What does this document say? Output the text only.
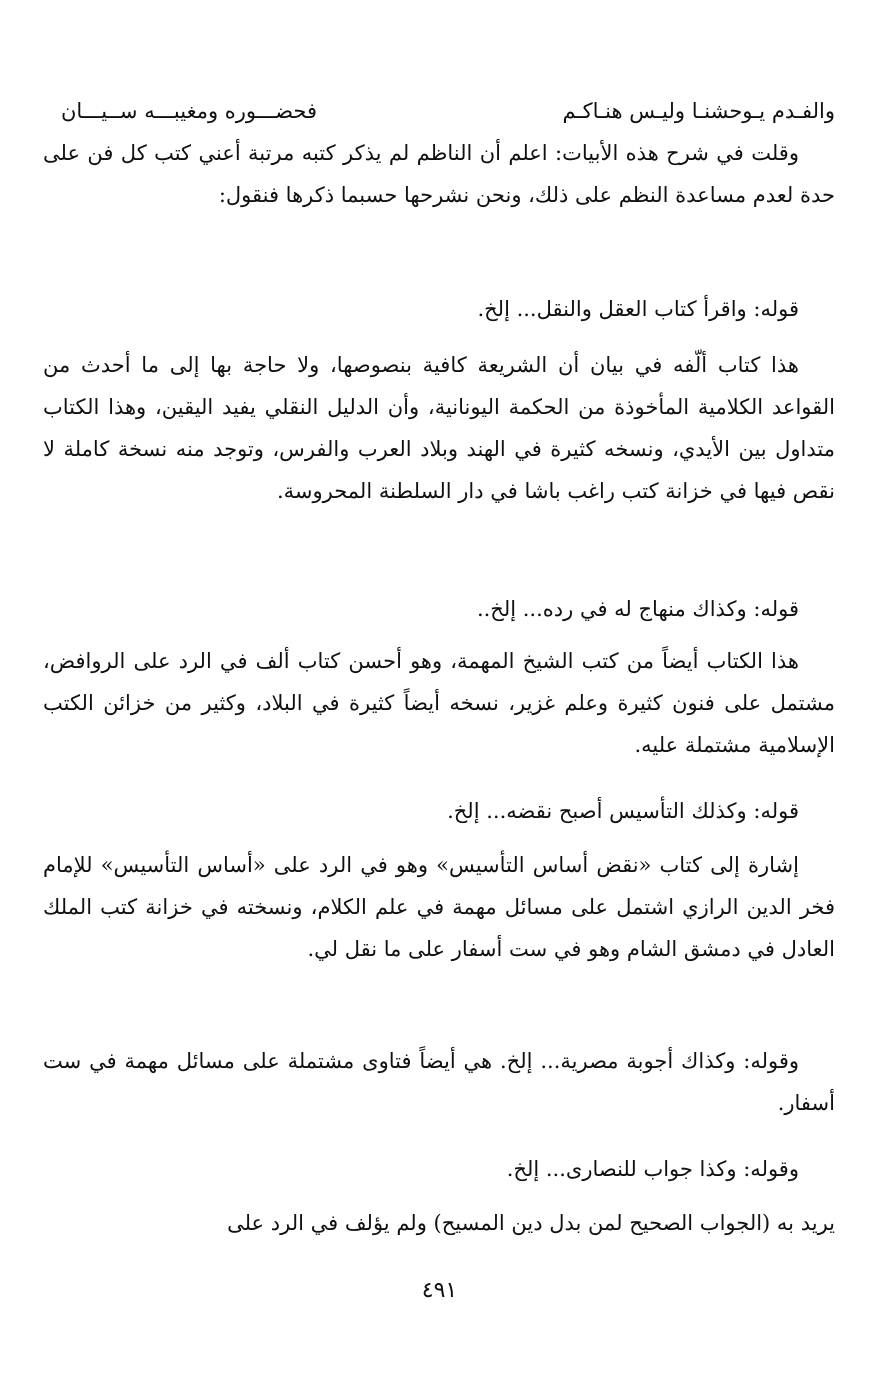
والفـدم يـوحشنـا وليـس هنـاكـم
فحضـــوره ومغيبـــه ســيـــان

وقلت في شرح هذه الأبيات: اعلم أن الناظم لم يذكر كتبه مرتبة أعني كتب كل فن على حدة لعدم مساعدة النظم على ذلك، ونحن نشرحها حسبما ذكرها فنقول:

قوله: واقرأ كتاب العقل والنقل... إلخ.

هذا كتاب ألّفه في بيان أن الشريعة كافية بنصوصها، ولا حاجة بها إلى ما أحدث من القواعد الكلامية المأخوذة من الحكمة اليونانية، وأن الدليل النقلي يفيد اليقين، وهذا الكتاب متداول بين الأيدي، ونسخه كثيرة في الهند وبلاد العرب والفرس، وتوجد منه نسخة كاملة لا نقص فيها في خزانة كتب راغب باشا في دار السلطنة المحروسة.

قوله: وكذاك منهاج له في رده... إلخ..

هذا الكتاب أيضاً من كتب الشيخ المهمة، وهو أحسن كتاب ألف في الرد على الروافض، مشتمل على فنون كثيرة وعلم غزير، نسخه أيضاً كثيرة في البلاد، وكثير من خزائن الكتب الإسلامية مشتملة عليه.

قوله: وكذلك التأسيس أصبح نقضه... إلخ.

إشارة إلى كتاب «نقض أساس التأسيس» وهو في الرد على «أساس التأسيس» للإمام فخر الدين الرازي اشتمل على مسائل مهمة في علم الكلام، ونسخته في خزانة كتب الملك العادل في دمشق الشام وهو في ست أسفار على ما نقل لي.

وقوله: وكذاك أجوبة مصرية... إلخ. هي أيضاً فتاوى مشتملة على مسائل مهمة في ست أسفار.

وقوله: وكذا جواب للنصارى... إلخ.

يريد به (الجواب الصحيح لمن بدل دين المسيح) ولم يؤلف في الرد على

٤٩١
